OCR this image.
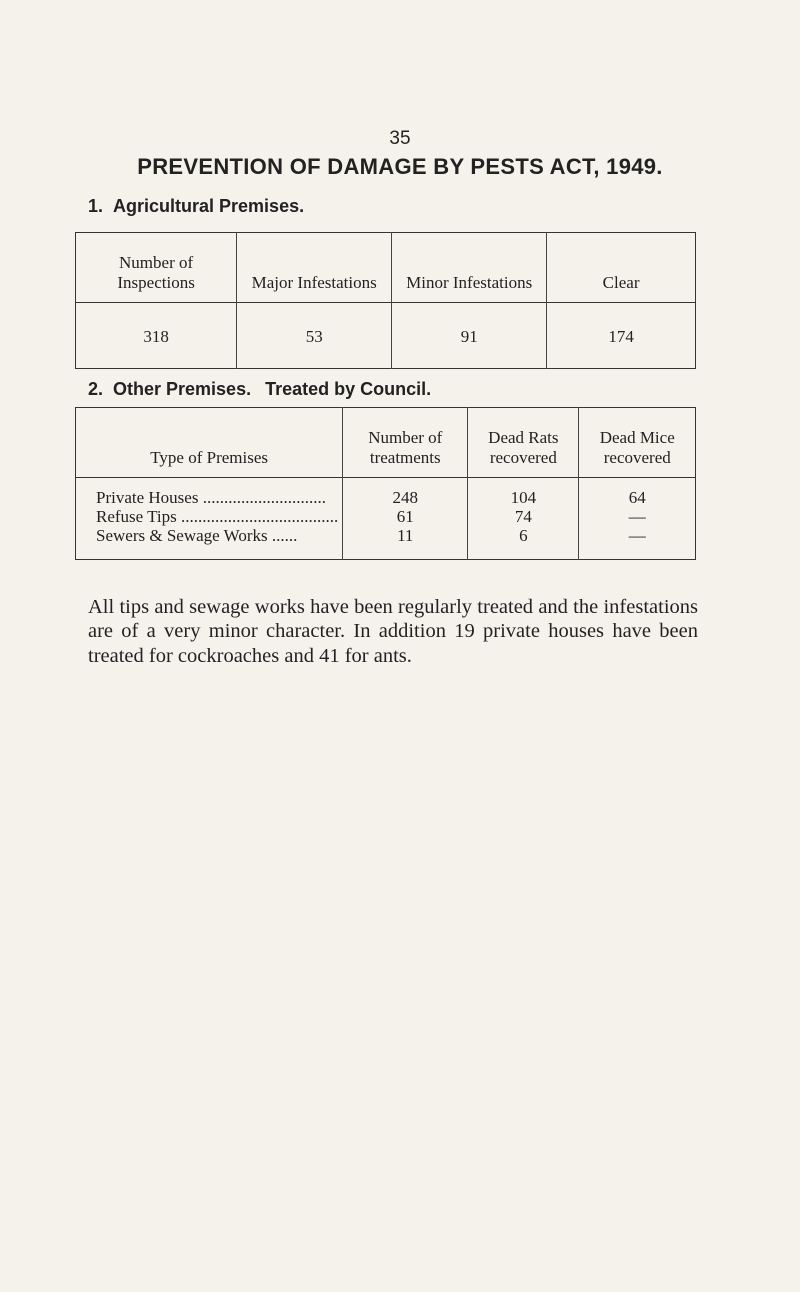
35
PREVENTION OF DAMAGE BY PESTS ACT, 1949.
1. Agricultural Premises.
Number of Inspections	Major Infestations	Minor Infestations	Clear
318	53	91	174
2. Other Premises. Treated by Council.
Type of Premises	Number of treatments	Dead Rats recovered	Dead Mice recovered
Private Houses .............................	248	104	64
Refuse Tips .....................................	61	74	—
Sewers & Sewage Works ......	11	6	—

All tips and sewage works have been regularly treated and the infestations are of a very minor character. In addition 19 private houses have been treated for cockroaches and 41 for ants.
